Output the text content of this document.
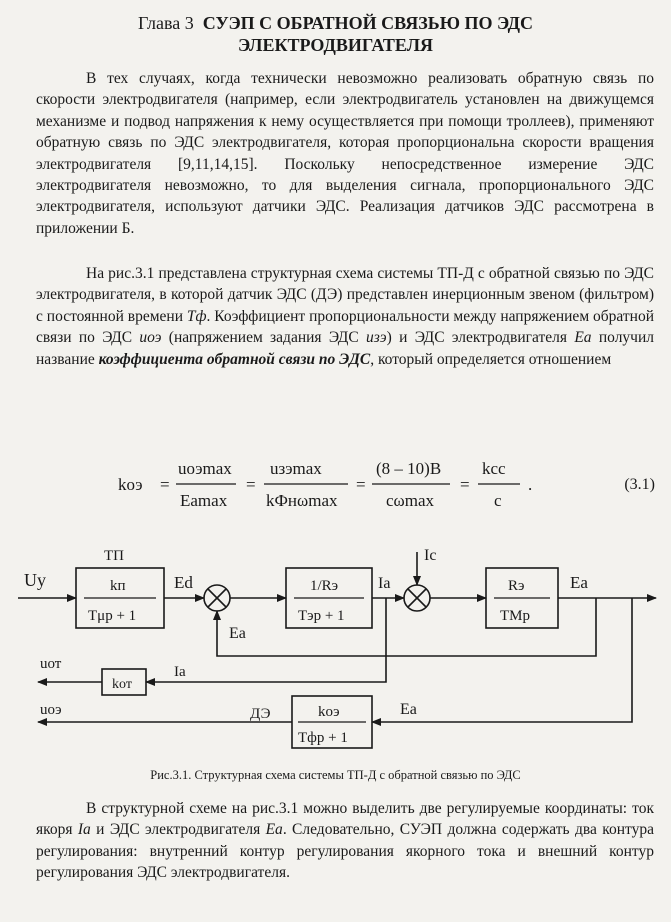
Глава 3 СУЭП С ОБРАТНОЙ СВЯЗЬЮ ПО ЭДС
ЭЛЕКТРОДВИГАТЕЛЯ
В тех случаях, когда технически невозможно реализовать обратную связь по скорости электродвигателя (например, если электродвигатель установлен на движущемся механизме и подвод напряжения к нему осуществляется при помощи троллеев), применяют обратную связь по ЭДС электродвигателя, которая пропорциональна скорости вращения электродвигателя [9,11,14,15]. Поскольку непосредственное измерение ЭДС электродвигателя невозможно, то для выделения сигнала, пропорционального ЭДС электродвигателя, используют датчики ЭДС. Реализация датчиков ЭДС рассмотрена в приложении Б.
На рис.3.1 представлена структурная схема системы ТП-Д с обратной связью по ЭДС электродвигателя, в которой датчик ЭДС (ДЭ) представлен инерционным звеном (фильтром) с постоянной времени Tф. Коэффициент пропорциональности между напряжением обратной связи по ЭДС uоэ (напряжением задания ЭДС uзэ) и ЭДС электродвигателя Ea получил название коэффициента обратной связи по ЭДС, который определяется отношением
kоэ =
uоэmax
Eamax
=
uзэmax
kФнωmax
=
(8 – 10)В
cωmax
=
kсс
c
.	(3.1)
ТП
Uy	kп
Tμp + 1
Ed
Ea
1/Rэ
Tэp + 1
Ia
Ic
Rэ
TMp
Ea
uот
kот
Ia
ДЭ
uоэ	kоэ
Tфp + 1
Ea
Рис.3.1. Структурная схема системы ТП-Д с обратной связью по ЭДС
В структурной схеме на рис.3.1 можно выделить две регулируемые координаты: ток якоря Ia и ЭДС электродвигателя Ea. Следовательно, СУЭП должна содержать два контура регулирования: внутренний контур регулирования якорного тока и внешний контур регулирования ЭДС электродвигателя.
